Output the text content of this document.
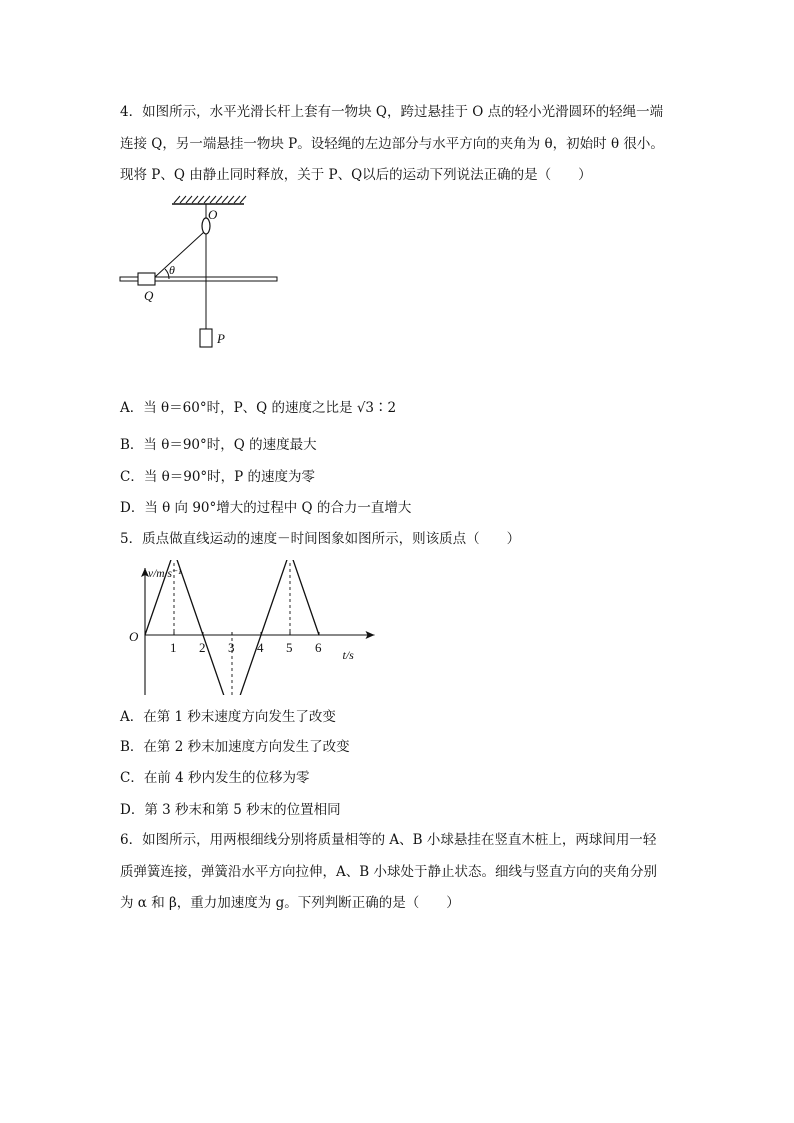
4．如图所示，水平光滑长杆上套有一物块 Q，跨过悬挂于 O 点的轻小光滑圆环的轻绳一端
连接 Q，另一端悬挂一物块 P。设轻绳的左边部分与水平方向的夹角为 θ，初始时 θ 很小。
现将 P、Q 由静止同时释放，关于 P、Q以后的运动下列说法正确的是（　　）
O
θ
Q
P
A．当 θ＝60°时，P、Q 的速度之比是 √3∶2
B．当 θ＝90°时，Q 的速度最大
C．当 θ＝90°时，P 的速度为零
D．当 θ 向 90°增大的过程中 Q 的合力一直增大
5．质点做直线运动的速度－时间图象如图所示，则该质点（　　）
1 2 3 4 5 6
O
v/m·s⁻¹
t/s
A．在第 1 秒末速度方向发生了改变
B．在第 2 秒末加速度方向发生了改变
C．在前 4 秒内发生的位移为零
D．第 3 秒末和第 5 秒末的位置相同
6．如图所示，用两根细线分别将质量相等的 A、B 小球悬挂在竖直木桩上，两球间用一轻
质弹簧连接，弹簧沿水平方向拉伸，A、B 小球处于静止状态。细线与竖直方向的夹角分别
为 α 和 β，重力加速度为 g。下列判断正确的是（　　）
